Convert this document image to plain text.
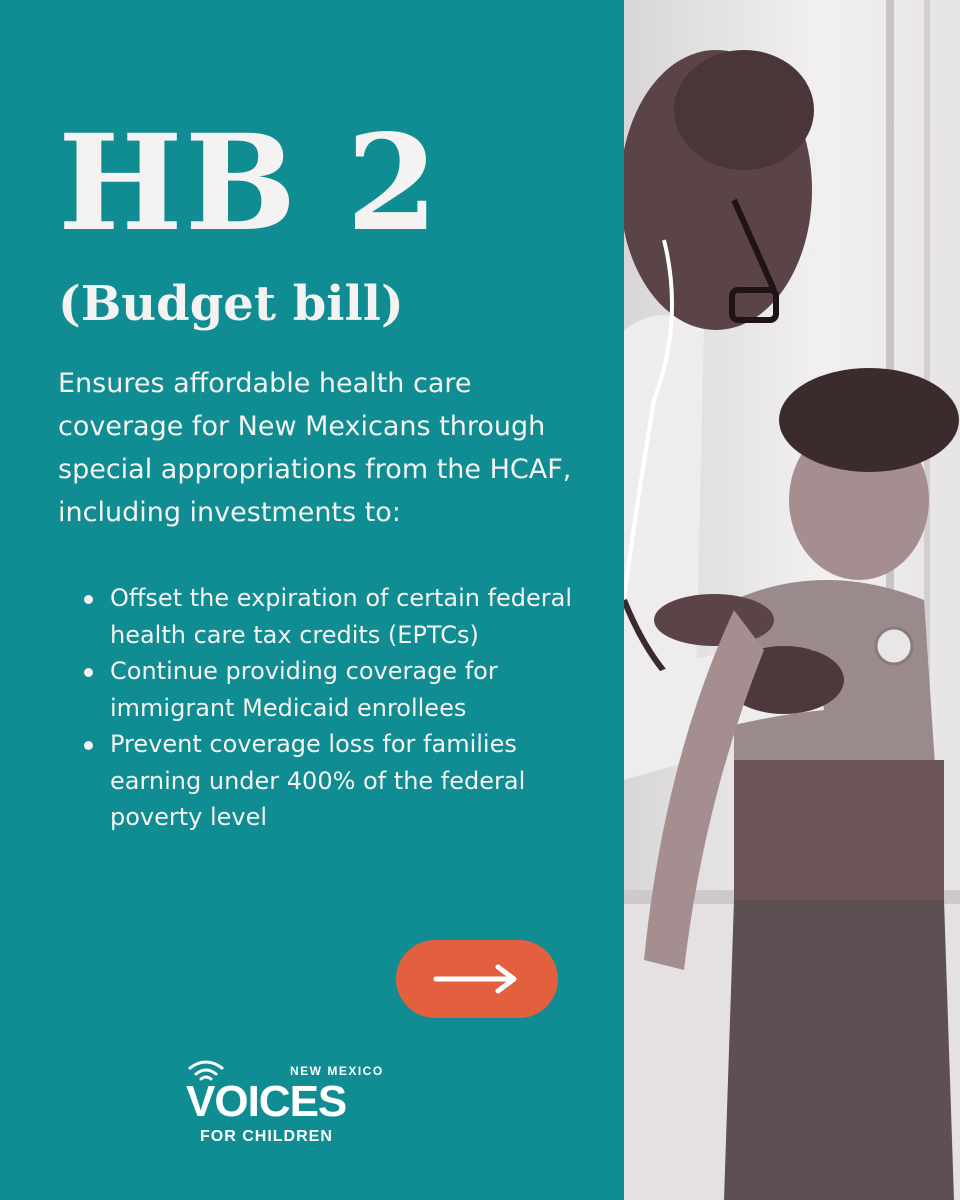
HB 2
(Budget bill)

Ensures affordable health care coverage for New Mexicans through special appropriations from the HCAF, including investments to:

Offset the expiration of certain federal health care tax credits (EPTCs)
Continue providing coverage for immigrant Medicaid enrollees
Prevent coverage loss for families earning under 400% of the federal poverty level
NEW MEXICO
VOICES
FOR CHILDREN
